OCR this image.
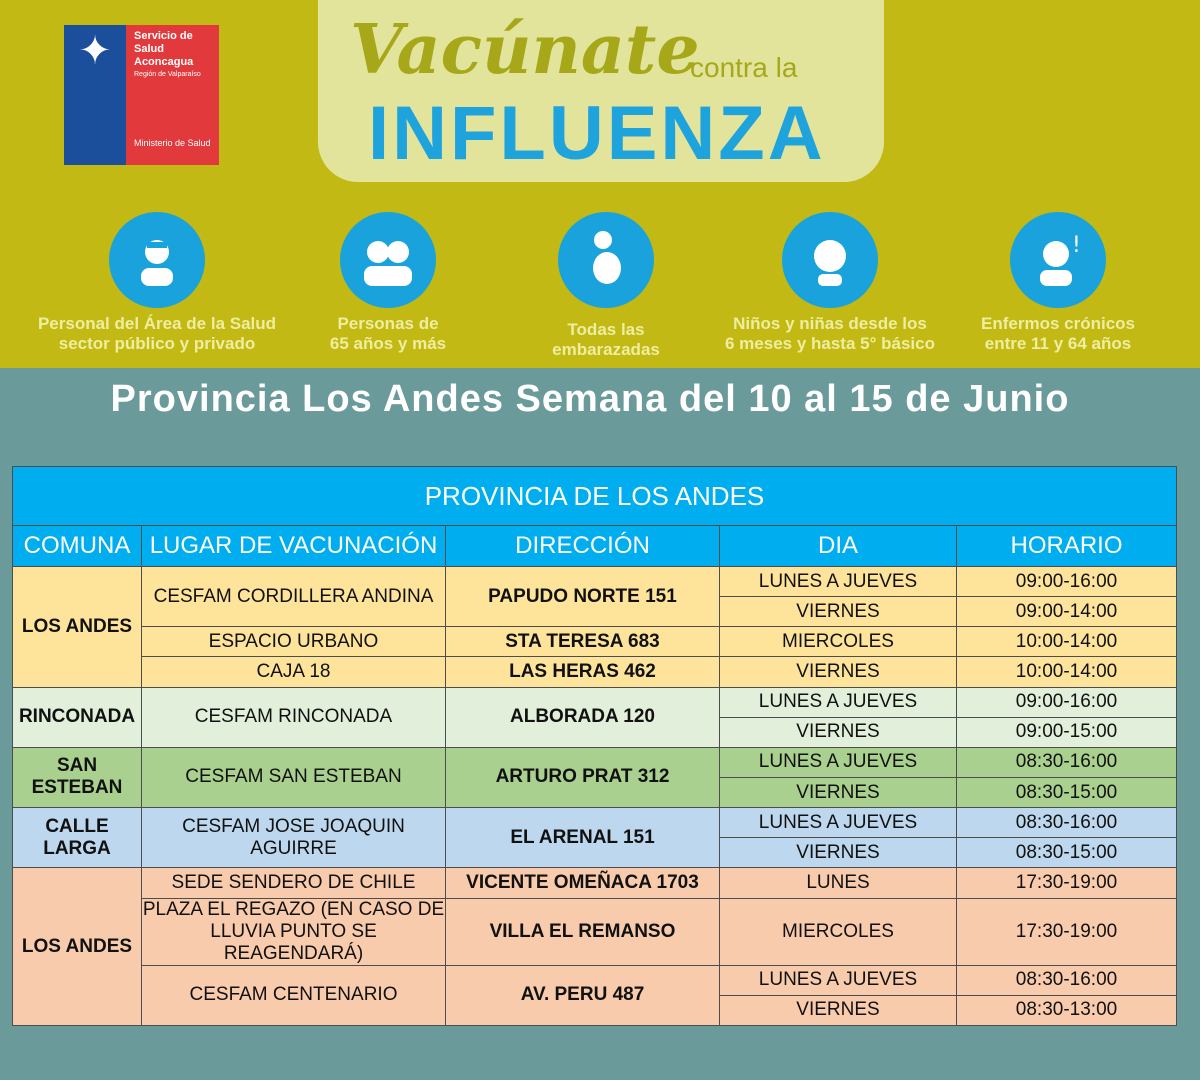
✦	Servicio de Salud Aconcagua
Región de Valparaíso
Ministerio de Salud
Vacúnate
contra la
INFLUENZA
Personal del Área de la Salud
sector público y privado
Personas de
65 años y más
Todas las
embarazadas
Niños y niñas desde los
6 meses y hasta 5° básico
!
Enfermos crónicos
entre 11 y 64 años
Provincia Los Andes Semana del 10 al 15 de Junio
PROVINCIA DE LOS ANDES				
COMUNA	LUGAR DE VACUNACIÓN	DIRECCIÓN	DIA	HORARIO
LOS ANDES	CESFAM CORDILLERA ANDINA	PAPUDO NORTE 151	LUNES A JUEVES	09:00-16:00
			VIERNES	09:00-14:00
	ESPACIO URBANO	STA TERESA 683	MIERCOLES	10:00-14:00
	CAJA 18	LAS HERAS 462	VIERNES	10:00-14:00
RINCONADA	CESFAM RINCONADA	ALBORADA 120	LUNES A JUEVES	09:00-16:00
			VIERNES	09:00-15:00
SAN ESTEBAN	CESFAM SAN ESTEBAN	ARTURO PRAT 312	LUNES A JUEVES	08:30-16:00
			VIERNES	08:30-15:00
CALLE LARGA	CESFAM JOSE JOAQUIN AGUIRRE	EL ARENAL 151	LUNES A JUEVES	08:30-16:00
			VIERNES	08:30-15:00
LOS ANDES	SEDE SENDERO DE CHILE	VICENTE OMEÑACA 1703	LUNES	17:30-19:00

	PLAZA EL REGAZO (EN CASO DE
LLUVIA PUNTO SE REAGENDARÁ)	VILLA EL REMANSO	MIERCOLES	17:30-19:00
	CESFAM CENTENARIO	AV. PERU 487	LUNES A JUEVES	08:30-16:00
			VIERNES	08:30-13:00
